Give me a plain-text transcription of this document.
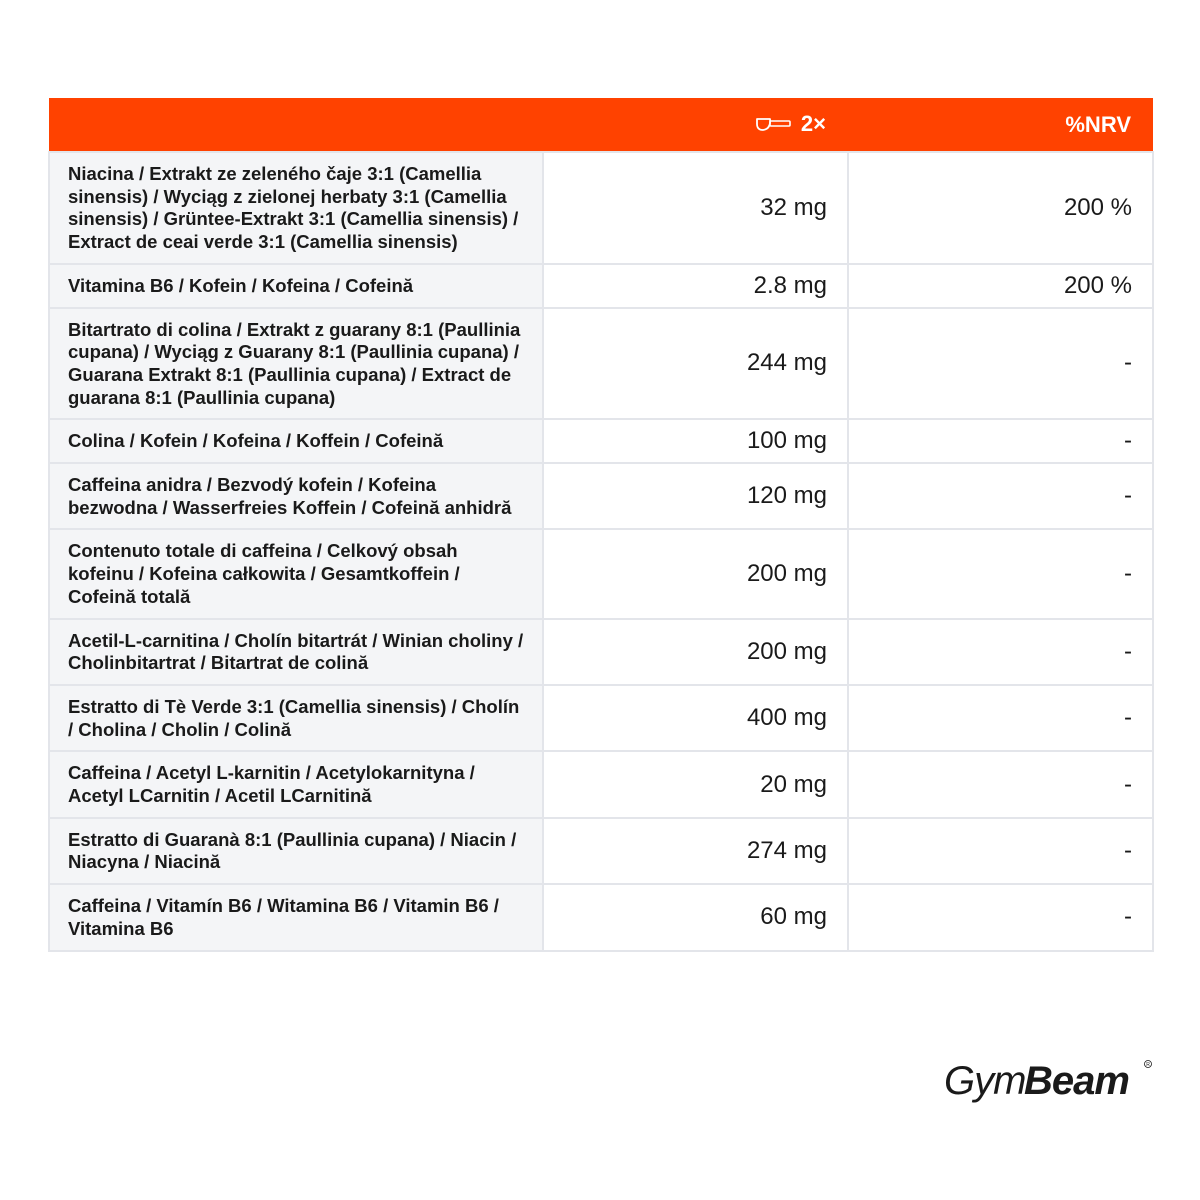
	2×	%NRV
Niacina / Extrakt ze zeleného čaje 3:1 (Camellia sinensis) / Wyciąg z zielonej herbaty 3:1 (Camellia sinensis) / Grüntee-Extrakt 3:1 (Camellia sinensis) / Extract de ceai verde 3:1 (Camellia sinensis)	32 mg	200 %
Vitamina B6 / Kofein / Kofeina / Cofeină	2.8 mg	200 %
Bitartrato di colina / Extrakt z guarany 8:1 (Paullinia cupana) / Wyciąg z Guarany 8:1 (Paullinia cupana) / Guarana Extrakt 8:1 (Paullinia cupana) / Extract de guarana 8:1 (Paullinia cupana)	244 mg	-
Colina / Kofein / Kofeina / Koffein / Cofeină	100 mg	-
Caffeina anidra / Bezvodý kofein / Kofeina bezwodna / Wasserfreies Koffein / Cofeină anhidră	120 mg	-
Contenuto totale di caffeina / Celkový obsah kofeinu / Kofeina całkowita / Gesamtkoffein / Cofeină totală	200 mg	-
Acetil-L-carnitina / Cholín bitartrát / Winian choliny / Cholinbitartrat / Bitartrat de colină	200 mg	-
Estratto di Tè Verde 3:1 (Camellia sinensis) / Cholín / Cholina / Cholin / Colină	400 mg	-
Caffeina / Acetyl L-karnitin / Acetylokarnityna / Acetyl LCarnitin / Acetil LCarnitină	20 mg	-
Estratto di Guaranà 8:1 (Paullinia cupana) / Niacin / Niacyna / Niacină	274 mg	-
Caffeina / Vitamín B6 / Witamina B6 / Vitamin B6 / Vitamina B6	60 mg	-
Gym
Beam	R
